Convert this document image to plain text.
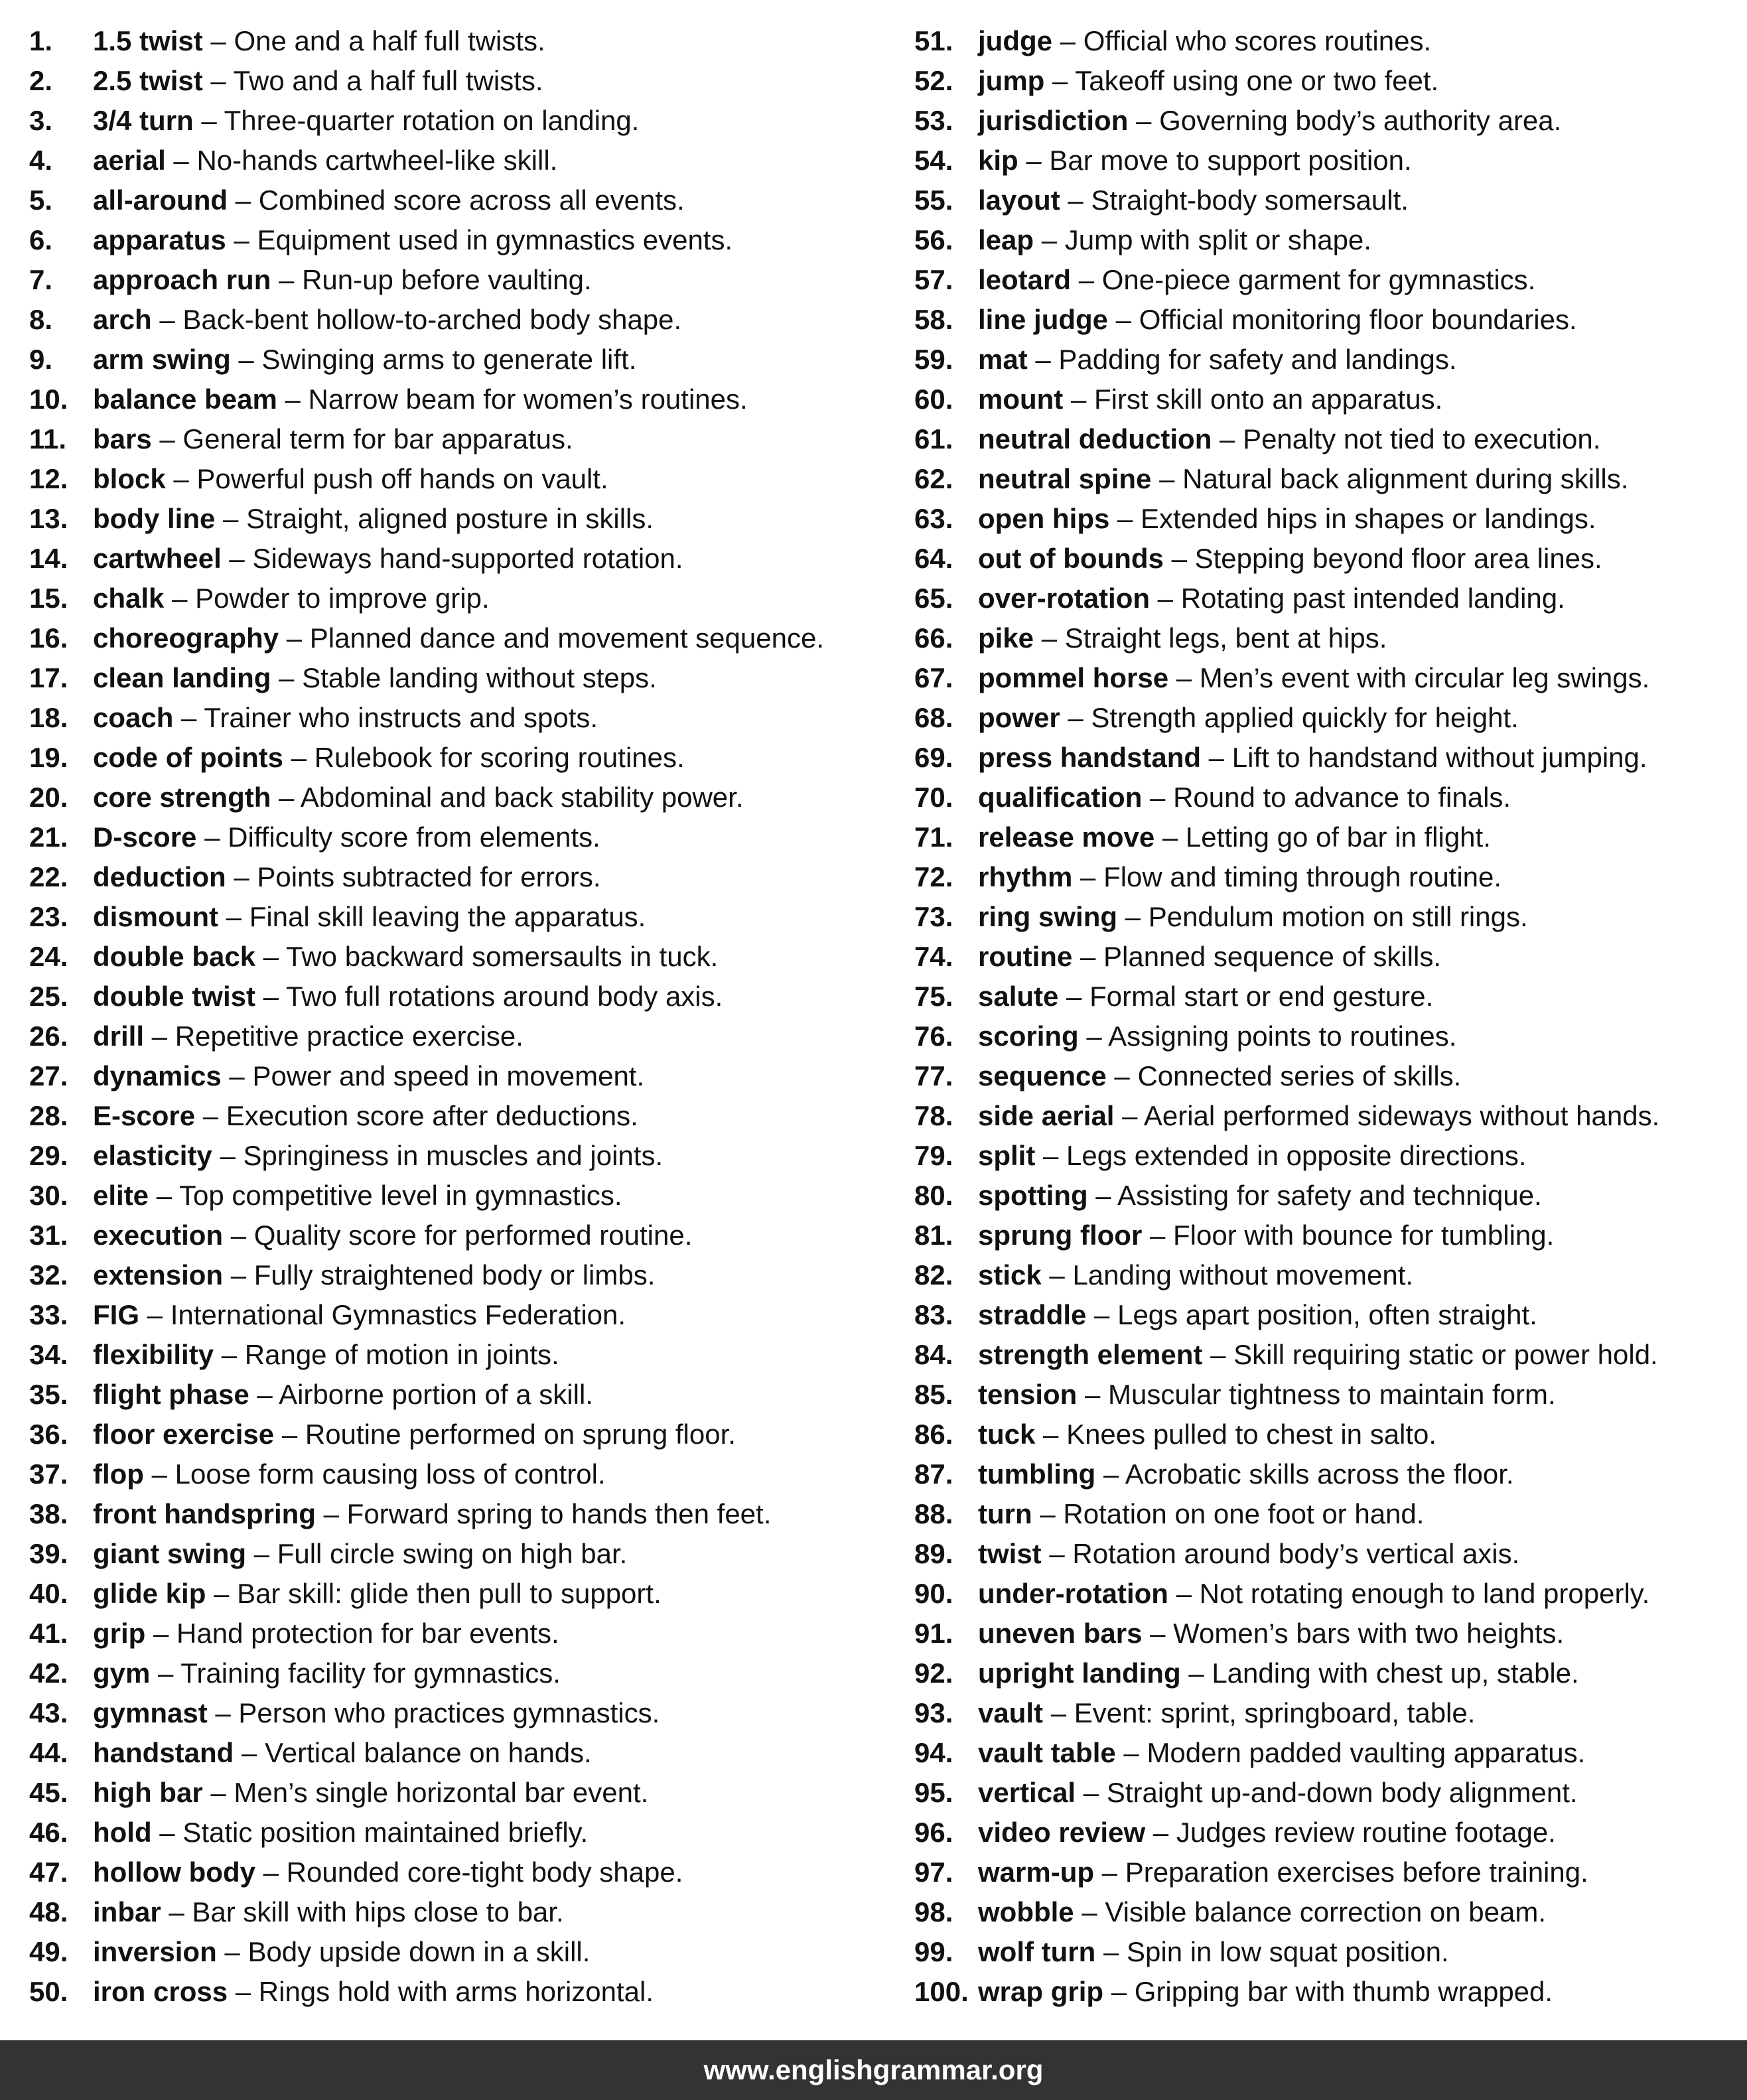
1. 1.5 twist – One and a half full twists.
2. 2.5 twist – Two and a half full twists.
3. 3/4 turn – Three-quarter rotation on landing.
4. aerial – No-hands cartwheel-like skill.
5. all-around – Combined score across all events.
6. apparatus – Equipment used in gymnastics events.
7. approach run – Run-up before vaulting.
8. arch – Back-bent hollow-to-arched body shape.
9. arm swing – Swinging arms to generate lift.
10. balance beam – Narrow beam for women’s routines.
11. bars – General term for bar apparatus.
12. block – Powerful push off hands on vault.
13. body line – Straight, aligned posture in skills.
14. cartwheel – Sideways hand-supported rotation.
15. chalk – Powder to improve grip.
16. choreography – Planned dance and movement sequence.
17. clean landing – Stable landing without steps.
18. coach – Trainer who instructs and spots.
19. code of points – Rulebook for scoring routines.
20. core strength – Abdominal and back stability power.
21. D-score – Difficulty score from elements.
22. deduction – Points subtracted for errors.
23. dismount – Final skill leaving the apparatus.
24. double back – Two backward somersaults in tuck.
25. double twist – Two full rotations around body axis.
26. drill – Repetitive practice exercise.
27. dynamics – Power and speed in movement.
28. E-score – Execution score after deductions.
29. elasticity – Springiness in muscles and joints.
30. elite – Top competitive level in gymnastics.
31. execution – Quality score for performed routine.
32. extension – Fully straightened body or limbs.
33. FIG – International Gymnastics Federation.
34. flexibility – Range of motion in joints.
35. flight phase – Airborne portion of a skill.
36. floor exercise – Routine performed on sprung floor.
37. flop – Loose form causing loss of control.
38. front handspring – Forward spring to hands then feet.
39. giant swing – Full circle swing on high bar.
40. glide kip – Bar skill: glide then pull to support.
41. grip – Hand protection for bar events.
42. gym – Training facility for gymnastics.
43. gymnast – Person who practices gymnastics.
44. handstand – Vertical balance on hands.
45. high bar – Men’s single horizontal bar event.
46. hold – Static position maintained briefly.
47. hollow body – Rounded core-tight body shape.
48. inbar – Bar skill with hips close to bar.
49. inversion – Body upside down in a skill.
50. iron cross – Rings hold with arms horizontal.
51. judge – Official who scores routines.
52. jump – Takeoff using one or two feet.
53. jurisdiction – Governing body’s authority area.
54. kip – Bar move to support position.
55. layout – Straight-body somersault.
56. leap – Jump with split or shape.
57. leotard – One-piece garment for gymnastics.
58. line judge – Official monitoring floor boundaries.
59. mat – Padding for safety and landings.
60. mount – First skill onto an apparatus.
61. neutral deduction – Penalty not tied to execution.
62. neutral spine – Natural back alignment during skills.
63. open hips – Extended hips in shapes or landings.
64. out of bounds – Stepping beyond floor area lines.
65. over-rotation – Rotating past intended landing.
66. pike – Straight legs, bent at hips.
67. pommel horse – Men’s event with circular leg swings.
68. power – Strength applied quickly for height.
69. press handstand – Lift to handstand without jumping.
70. qualification – Round to advance to finals.
71. release move – Letting go of bar in flight.
72. rhythm – Flow and timing through routine.
73. ring swing – Pendulum motion on still rings.
74. routine – Planned sequence of skills.
75. salute – Formal start or end gesture.
76. scoring – Assigning points to routines.
77. sequence – Connected series of skills.
78. side aerial – Aerial performed sideways without hands.
79. split – Legs extended in opposite directions.
80. spotting – Assisting for safety and technique.
81. sprung floor – Floor with bounce for tumbling.
82. stick – Landing without movement.
83. straddle – Legs apart position, often straight.
84. strength element – Skill requiring static or power hold.
85. tension – Muscular tightness to maintain form.
86. tuck – Knees pulled to chest in salto.
87. tumbling – Acrobatic skills across the floor.
88. turn – Rotation on one foot or hand.
89. twist – Rotation around body’s vertical axis.
90. under-rotation – Not rotating enough to land properly.
91. uneven bars – Women’s bars with two heights.
92. upright landing – Landing with chest up, stable.
93. vault – Event: sprint, springboard, table.
94. vault table – Modern padded vaulting apparatus.
95. vertical – Straight up-and-down body alignment.
96. video review – Judges review routine footage.
97. warm-up – Preparation exercises before training.
98. wobble – Visible balance correction on beam.
99. wolf turn – Spin in low squat position.
100. wrap grip – Gripping bar with thumb wrapped.
www.englishgrammar.org
